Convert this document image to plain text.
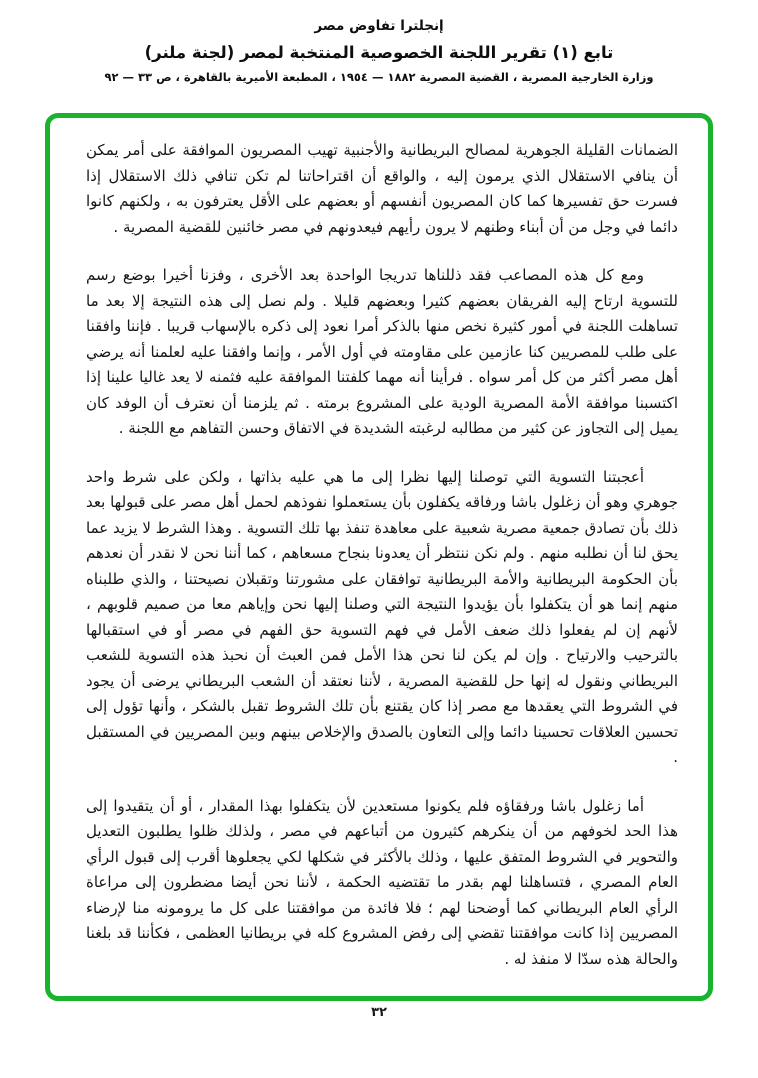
إنجلترا تفاوض مصر
تابع (١) تقرير اللجنة الخصوصية المنتخبة لمصر (لجنة ملنر)
وزارة الخارجية المصرية ، القضية المصرية ١٨٨٢ — ١٩٥٤ ، المطبعة الأميرية بالقاهرة ، ص ٣٣ — ٩٢

الضمانات القليلة الجوهرية لمصالح البريطانية والأجنبية تهيب المصريون الموافقة على أمر يمكن أن ينافي الاستقلال الذي يرمون إليه ، والواقع أن اقتراحاتنا لم تكن تنافي ذلك الاستقلال إذا فسرت حق تفسيرها كما كان المصريون أنفسهم أو بعضهم على الأقل يعترفون به ، ولكنهم كانوا دائما في وجل من أن أبناء وطنهم لا يرون رأيهم فيعدونهم في مصر خائنين للقضية المصرية .

ومع كل هذه المصاعب فقد ذللناها تدريجا الواحدة بعد الأخرى ، وفزنا أخيرا بوضع رسم للتسوية ارتاح إليه الفريقان بعضهم كثيرا وبعضهم قليلا . ولم نصل إلى هذه النتيجة إلا بعد ما تساهلت اللجنة في أمور كثيرة نخص منها بالذكر أمرا نعود إلى ذكره بالإسهاب قريبا . فإننا وافقنا على طلب للمصريين كنا عازمين على مقاومته في أول الأمر ، وإنما وافقنا عليه لعلمنا أنه يرضي أهل مصر أكثر من كل أمر سواه . فرأينا أنه مهما كلفتنا الموافقة عليه فثمنه لا يعد غاليا علينا إذا اكتسبنا موافقة الأمة المصرية الودية على المشروع برمته . ثم يلزمنا أن نعترف أن الوفد كان يميل إلى التجاوز عن كثير من مطالبه لرغبته الشديدة في الاتفاق وحسن التفاهم مع اللجنة .

أعجبتنا التسوية التي توصلنا إليها نظرا إلى ما هي عليه بذاتها ، ولكن على شرط واحد جوهري وهو أن زغلول باشا ورفاقه يكفلون بأن يستعملوا نفوذهم لحمل أهل مصر على قبولها بعد ذلك بأن تصادق جمعية مصرية شعبية على معاهدة تنفذ بها تلك التسوية . وهذا الشرط لا يزيد عما يحق لنا أن نطلبه منهم . ولم نكن ننتظر أن يعدونا بنجاح مسعاهم ، كما أننا نحن لا نقدر أن نعدهم بأن الحكومة البريطانية والأمة البريطانية توافقان على مشورتنا وتقبلان نصيحتنا ، والذي طلبناه منهم إنما هو أن يتكفلوا بأن يؤيدوا النتيجة التي وصلنا إليها نحن وإياهم معا من صميم قلوبهم ، لأنهم إن لم يفعلوا ذلك ضعف الأمل في فهم التسوية حق الفهم في مصر أو في استقبالها بالترحيب والارتياح . وإن لم يكن لنا نحن هذا الأمل فمن العبث أن نحبذ هذه التسوية للشعب البريطاني ونقول له إنها حل للقضية المصرية ، لأننا نعتقد أن الشعب البريطاني يرضى أن يجود في الشروط التي يعقدها مع مصر إذا كان يقتنع بأن تلك الشروط تقبل بالشكر ، وأنها تؤول إلى تحسين العلاقات تحسينا دائما وإلى التعاون بالصدق والإخلاص بينهم وبين المصريين في المستقبل .

أما زغلول باشا ورفقاؤه فلم يكونوا مستعدين لأن يتكفلوا بهذا المقدار ، أو أن يتقيدوا إلى هذا الحد لخوفهم من أن ينكرهم كثيرون من أتباعهم في مصر ، ولذلك ظلوا يطلبون التعديل والتحوير في الشروط المتفق عليها ، وذلك بالأكثر في شكلها لكي يجعلوها أقرب إلى قبول الرأي العام المصري ، فتساهلنا لهم بقدر ما تقتضيه الحكمة ، لأننا نحن أيضا مضطرون إلى مراعاة الرأي العام البريطاني كما أوضحنا لهم ؛ فلا فائدة من موافقتنا على كل ما يرومونه منا لإرضاء المصريين إذا كانت موافقتنا تقضي إلى رفض المشروع كله في بريطانيا العظمى ، فكأننا قد بلغنا والحالة هذه سدّا لا منفذ له .

٣٢
